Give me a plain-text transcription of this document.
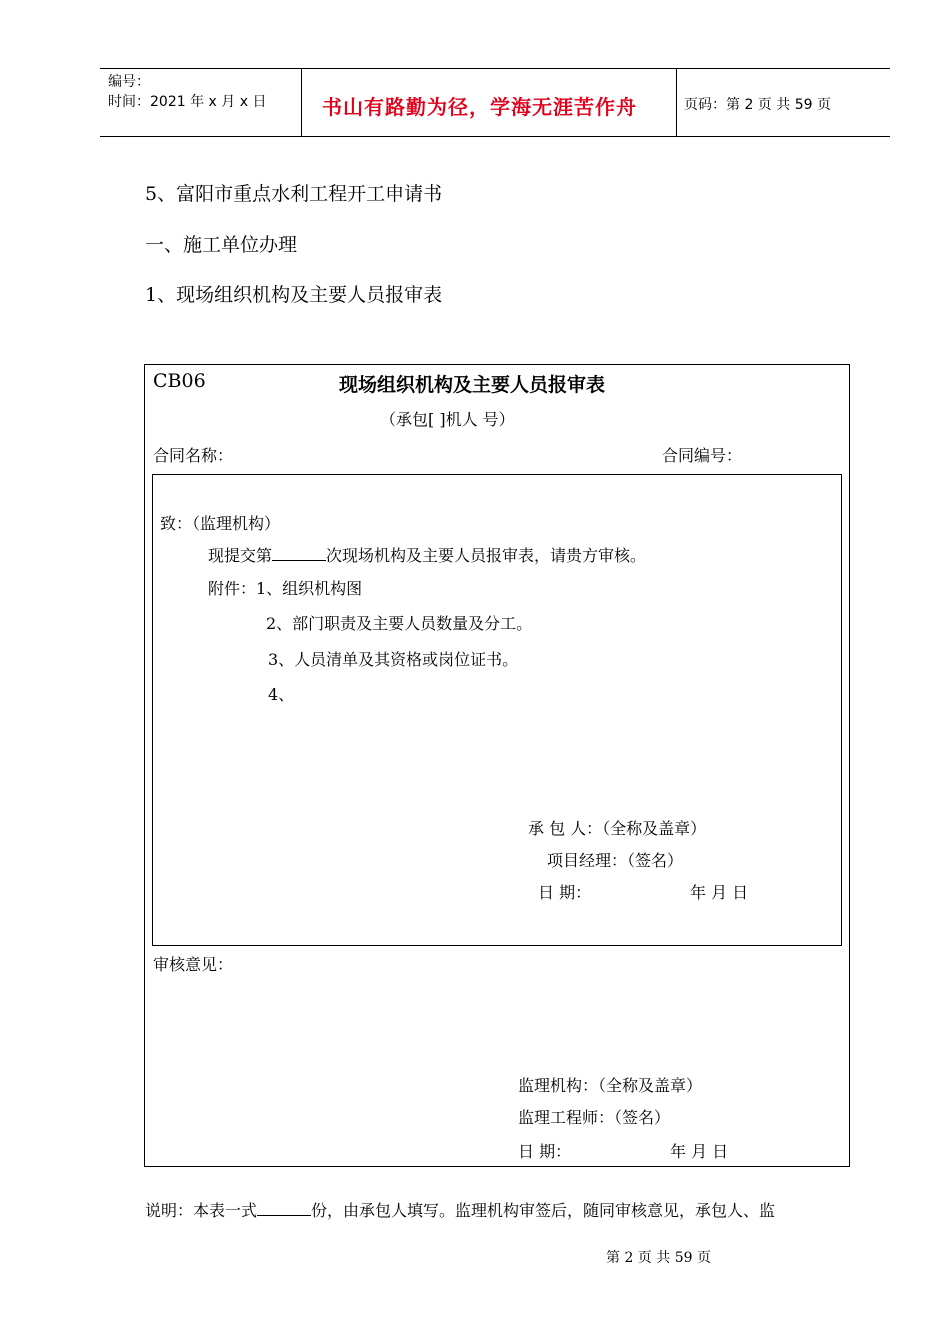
编号：
时间：2021 年 x 月 x 日	书山有路勤为径，学海无涯苦作舟	页码：第 2 页 共 59 页
5、富阳市重点水利工程开工申请书
一、施工单位办理
1、现场组织机构及主要人员报审表
CB06	现场组织机构及主要人员报审表
（承包[ ]机人 号）
合同名称：	合同编号：
致：（监理机构）
现提交第	次现场机构及主要人员报审表，请贵方审核。
附件：1、组织机构图
2、部门职责及主要人员数量及分工。
3、人员清单及其资格或岗位证书。
4、
承 包 人：（全称及盖章）
项目经理：（签名）
日 期：	年 月 日
审核意见：
监理机构：（全称及盖章）
监理工程师：（签名）
日 期：	年 月 日
说明：本表一式	份，由承包人填写。监理机构审签后，随同审核意见，承包人、监
第 2 页 共 59 页
